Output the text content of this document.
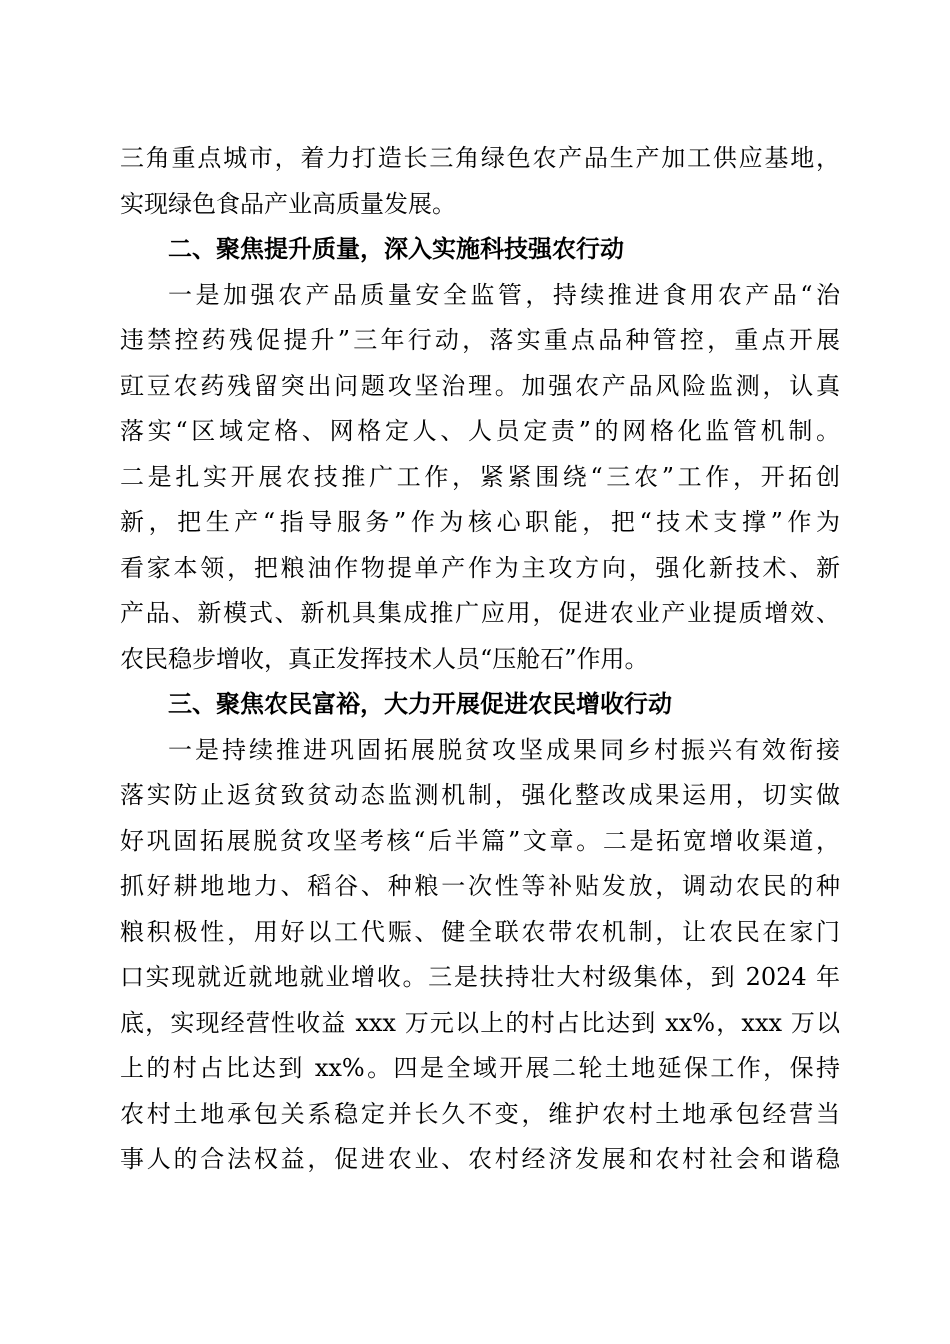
三角重点城市，着力打造长三角绿色农产品生产加工供应基地，
实现绿色食品产业高质量发展。
二、聚焦提升质量，深入实施科技强农行动
一是加强农产品质量安全监管，持续推进食用农产品“治
违禁控药残促提升”三年行动，落实重点品种管控，重点开展
豇豆农药残留突出问题攻坚治理。加强农产品风险监测，认真
落实“区域定格、网格定人、人员定责”的网格化监管机制。
二是扎实开展农技推广工作，紧紧围绕“三农”工作，开拓创
新，把生产“指导服务”作为核心职能，把“技术支撑”作为
看家本领，把粮油作物提单产作为主攻方向，强化新技术、新
产品、新模式、新机具集成推广应用，促进农业产业提质增效、
农民稳步增收，真正发挥技术人员“压舱石”作用。
三、聚焦农民富裕，大力开展促进农民增收行动
一是持续推进巩固拓展脱贫攻坚成果同乡村振兴有效衔接
落实防止返贫致贫动态监测机制，强化整改成果运用，切实做
好巩固拓展脱贫攻坚考核“后半篇”文章。二是拓宽增收渠道，
抓好耕地地力、稻谷、种粮一次性等补贴发放，调动农民的种
粮积极性，用好以工代赈、健全联农带农机制，让农民在家门
口实现就近就地就业增收。三是扶持壮大村级集体，到 2024 年
底，实现经营性收益 xxx 万元以上的村占比达到 xx%，xxx 万以
上的村占比达到 xx%。四是全域开展二轮土地延保工作，保持
农村土地承包关系稳定并长久不变，维护农村土地承包经营当
事人的合法权益，促进农业、农村经济发展和农村社会和谐稳
